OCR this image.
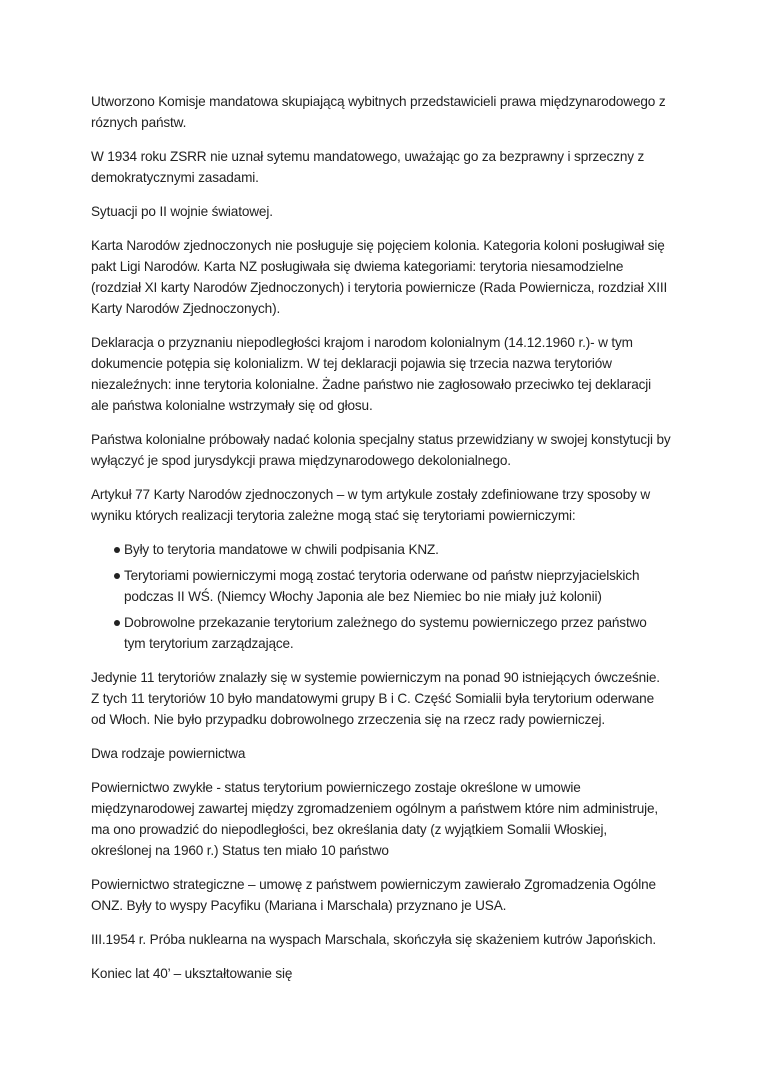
Utworzono Komisje mandatowa skupiającą wybitnych przedstawicieli prawa międzynarodowego z róznych państw.

W 1934 roku ZSRR nie uznał sytemu mandatowego, uważając go za bezprawny i sprzeczny z demokratycznymi zasadami.

Sytuacji po II wojnie światowej.

Karta Narodów zjednoczonych nie posługuje się pojęciem kolonia. Kategoria koloni posługiwał się pakt Ligi Narodów. Karta NZ posługiwała się dwiema kategoriami: terytoria niesamodzielne (rozdział XI karty Narodów Zjednoczonych) i terytoria powiernicze (Rada Powiernicza, rozdział XIII Karty Narodów Zjednoczonych).

Deklaracja o przyznaniu niepodległości krajom i narodom kolonialnym (14.12.1960 r.)- w tym dokumencie potępia się kolonializm. W tej deklaracji pojawia się trzecia nazwa terytoriów niezaleźnych: inne terytoria kolonialne. Żadne państwo nie zagłosowało przeciwko tej deklaracji ale państwa kolonialne wstrzymały się od głosu.

Państwa kolonialne próbowały nadać kolonia specjalny status przewidziany w swojej konstytucji by wyłączyć je spod jurysdykcji prawa międzynarodowego dekolonialnego.

Artykuł 77 Karty Narodów zjednoczonych – w tym artykule zostały zdefiniowane trzy sposoby w wyniku których realizacji terytoria zależne mogą stać się terytoriami powierniczymi:

Były to terytoria mandatowe w chwili podpisania KNZ.
Terytoriami powierniczymi mogą zostać terytoria oderwane od państw nieprzyjacielskich podczas II WŚ. (Niemcy Włochy Japonia ale bez Niemiec bo nie miały już kolonii)
Dobrowolne przekazanie terytorium zależnego do systemu powierniczego przez państwo tym terytorium zarządzające.

Jedynie 11 terytoriów znalazły się w systemie powierniczym na ponad 90 istniejących ówcześnie. Z tych 11 terytoriów 10 było mandatowymi grupy B i C. Część Somialii była terytorium oderwane od Włoch. Nie było przypadku dobrowolnego zrzeczenia się na rzecz rady powierniczej.

Dwa rodzaje powiernictwa

Powiernictwo zwykłe - status terytorium powierniczego zostaje określone w umowie międzynarodowej zawartej między zgromadzeniem ogólnym a państwem które nim administruje, ma ono prowadzić do niepodległości, bez określania daty (z wyjątkiem Somalii Włoskiej, określonej na 1960 r.) Status ten miało 10 państwo

Powiernictwo strategiczne – umowę z państwem powierniczym zawierało Zgromadzenia Ogólne ONZ. Były to wyspy Pacyfiku (Mariana i Marschala) przyznano je USA.

III.1954 r. Próba nuklearna na wyspach Marschala, skończyła się skażeniem kutrów Japońskich.

Koniec lat 40’ – ukształtowanie się
